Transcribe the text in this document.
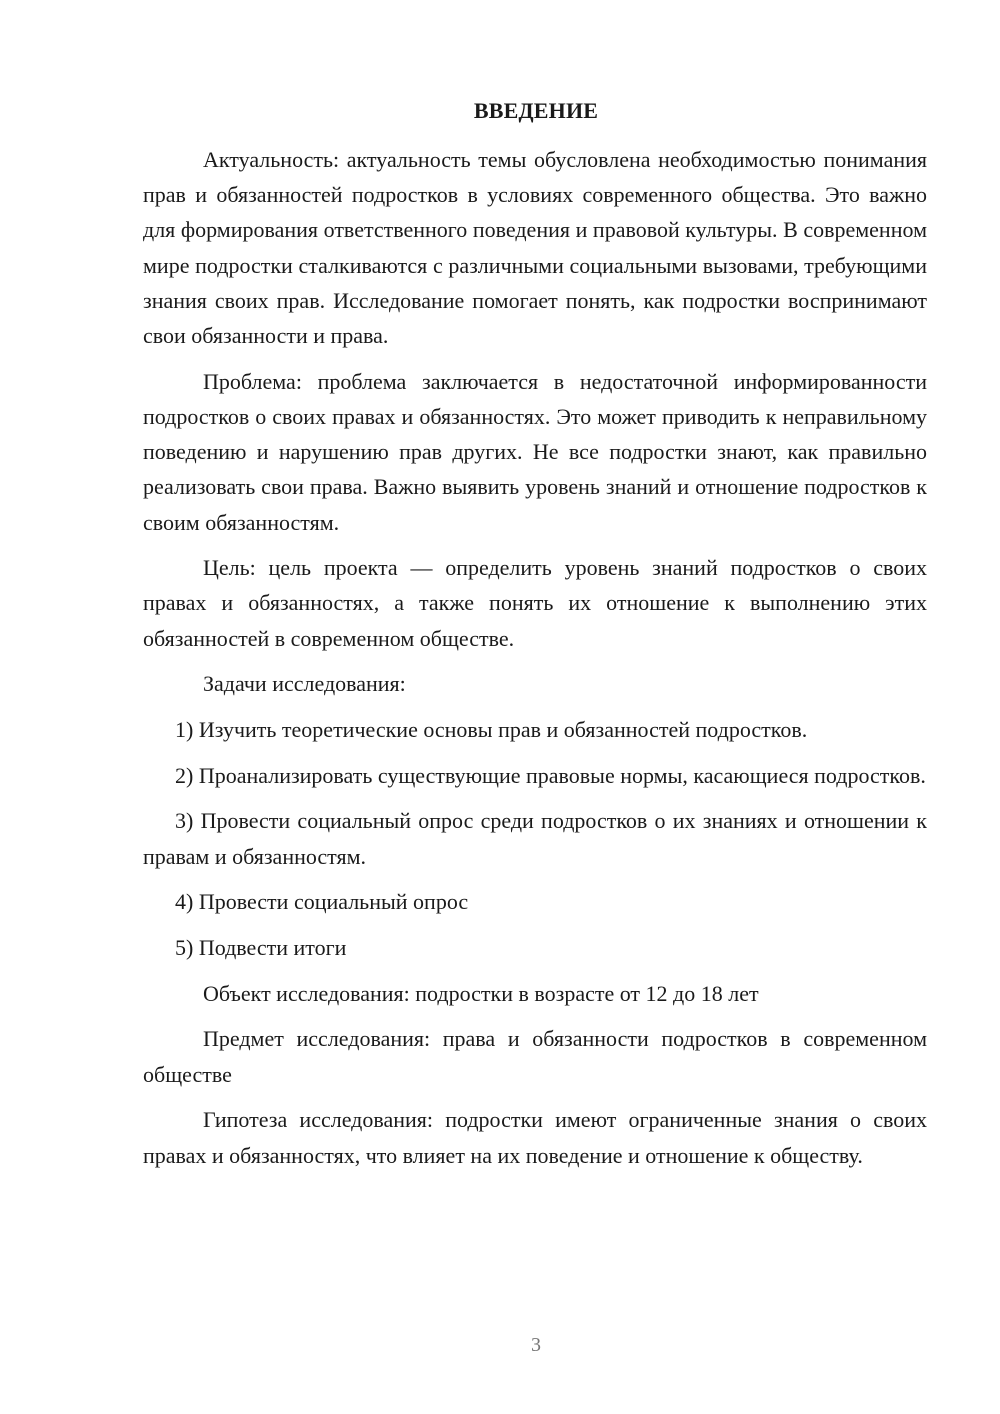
ВВЕДЕНИЕ

Актуальность: актуальность темы обусловлена необходимостью понимания прав и обязанностей подростков в условиях современного общества. Это важно для формирования ответственного поведения и правовой культуры. В современном мире подростки сталкиваются с различными социальными вызовами, требующими знания своих прав. Исследование помогает понять, как подростки воспринимают свои обязанности и права.

Проблема: проблема заключается в недостаточной информированности подростков о своих правах и обязанностях. Это может приводить к неправильному поведению и нарушению прав других. Не все подростки знают, как правильно реализовать свои права. Важно выявить уровень знаний и отношение подростков к своим обязанностям.

Цель: цель проекта — определить уровень знаний подростков о своих правах и обязанностях, а также понять их отношение к выполнению этих обязанностей в современном обществе.

Задачи исследования:

1) Изучить теоретические основы прав и обязанностей подростков.

2) Проанализировать существующие правовые нормы, касающиеся подростков.

3) Провести социальный опрос среди подростков о их знаниях и отношении к правам и обязанностям.

4) Провести социальный опрос

5) Подвести итоги

Объект исследования: подростки в возрасте от 12 до 18 лет

Предмет исследования: права и обязанности подростков в современном обществе

Гипотеза исследования: подростки имеют ограниченные знания о своих правах и обязанностях, что влияет на их поведение и отношение к обществу.

3
